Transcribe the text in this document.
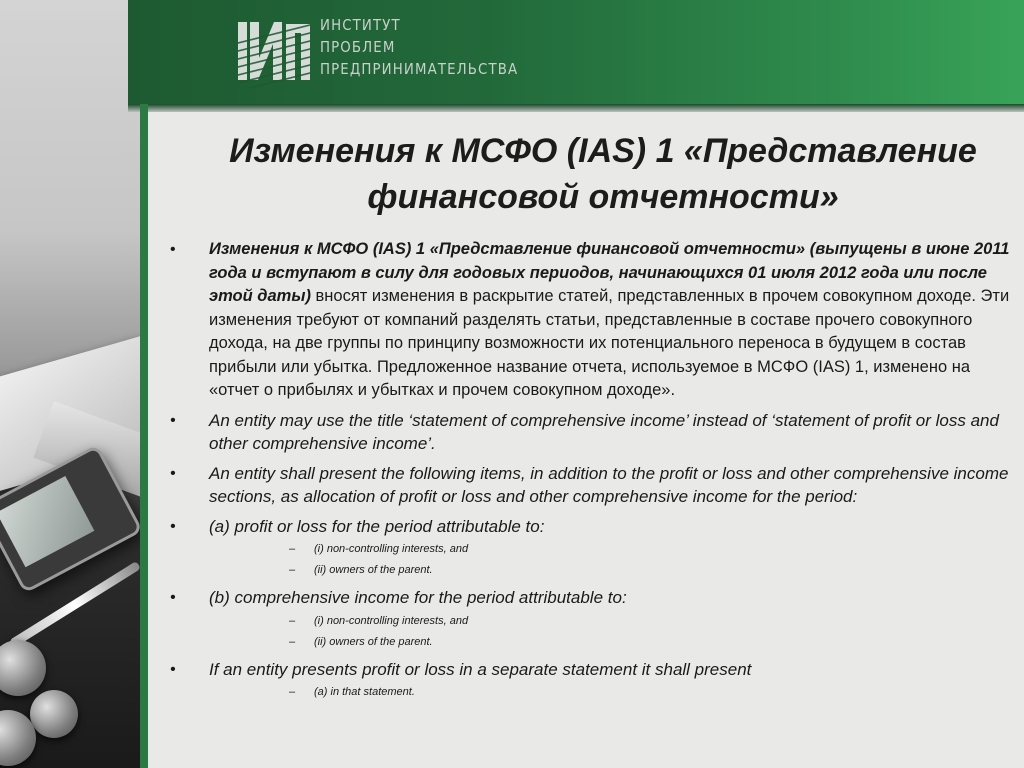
ИНСТИТУТ
ПРОБЛЕМ
ПРЕДПРИНИМАТЕЛЬСТВА
Изменения к МСФО (IAS) 1 «Представление
финансовой отчетности»
• Изменения к МСФО (IAS) 1 «Представление финансовой отчетности» (выпущены в июне 2011 года и вступают в силу для годовых периодов, начинающихся 01 июля 2012 года или после этой даты) вносят изменения в раскрытие статей, представленных в прочем совокупном доходе. Эти изменения требуют от компаний разделять статьи, представленные в составе прочего совокупного дохода, на две группы по принципу возможности их потенциального переноса в будущем в состав прибыли или убытка. Предложенное название отчета, используемое в МСФО (IAS) 1, изменено на «отчет о прибылях и убытках и прочем совокупном доходе».
• An entity may use the title ‘statement of comprehensive income’ instead of ‘statement of profit or loss and other comprehensive income’.
• An entity shall present the following items, in addition to the profit or loss and other comprehensive income sections, as allocation of profit or loss and other comprehensive income for the period:
• (a) profit or loss for the period attributable to:
– (i) non-controlling interests, and
– (ii) owners of the parent.
• (b) comprehensive income for the period attributable to:
– (i) non-controlling interests, and
– (ii) owners of the parent.
• If an entity presents profit or loss in a separate statement it shall present
– (a) in that statement.
